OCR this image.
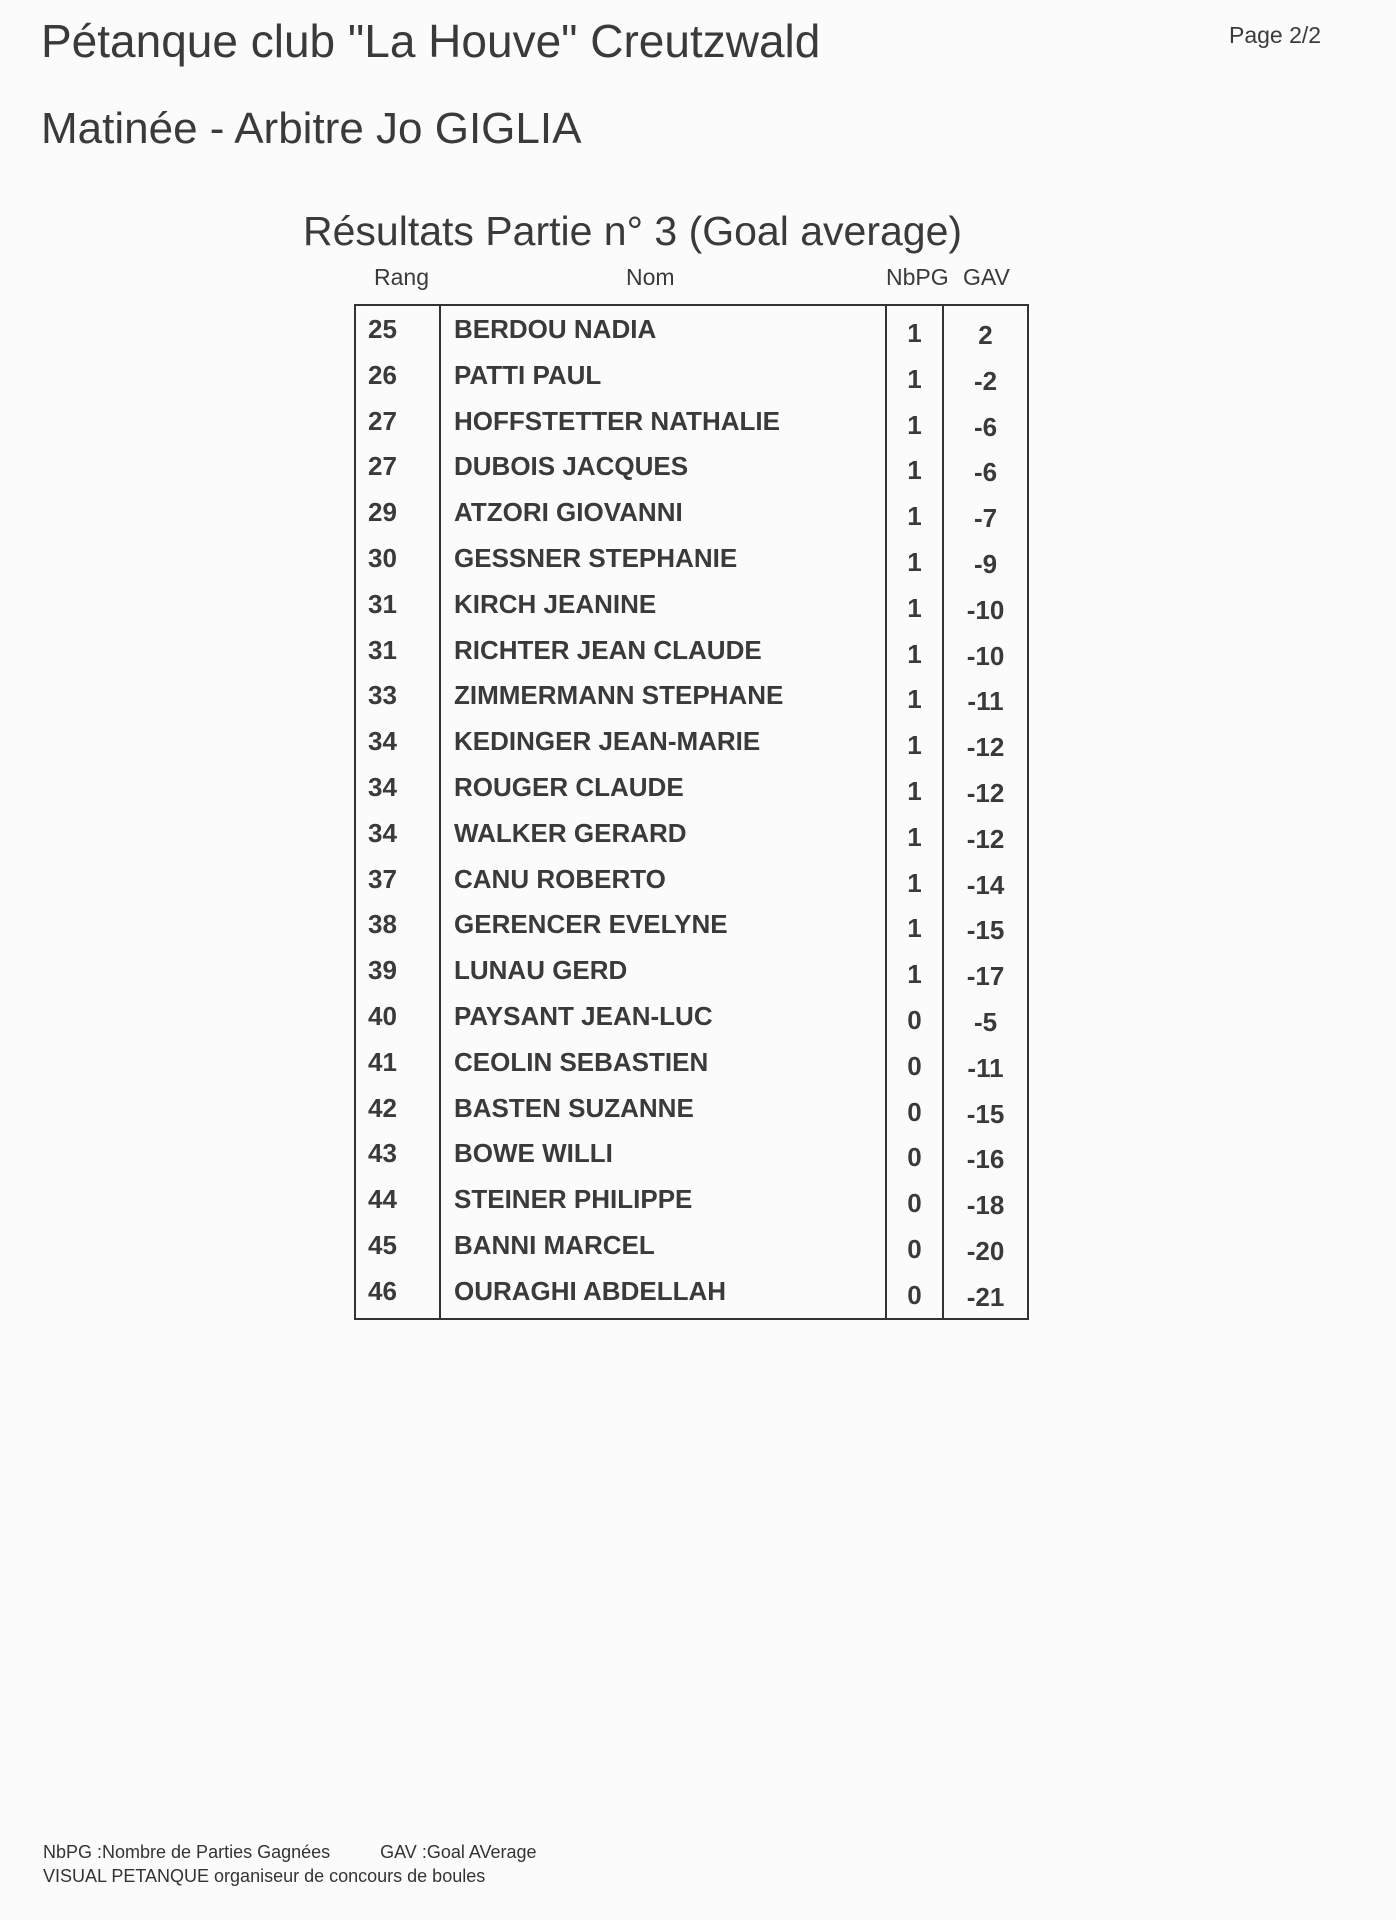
Pétanque club "La Houve" Creutzwald	Page 2/2
Matinée - Arbitre Jo GIGLIA
Résultats Partie n° 3 (Goal average)
Rang	Nom	NbPG GAV
25 BERDOU NADIA	1	2
26 PATTI PAUL	1	-2
27 HOFFSTETTER NATHALIE	1	-6
27 DUBOIS JACQUES	1	-6
29 ATZORI GIOVANNI	1	-7
30 GESSNER STEPHANIE	1	-9
31 KIRCH JEANINE	1	-10
31 RICHTER JEAN CLAUDE	1	-10
33 ZIMMERMANN STEPHANE	1	-11
34 KEDINGER JEAN-MARIE	1	-12
34 ROUGER CLAUDE	1	-12
34 WALKER GERARD	1	-12
37 CANU ROBERTO	1	-14
38 GERENCER EVELYNE	1	-15
39 LUNAU GERD	1	-17
40 PAYSANT JEAN-LUC	0	-5
41 CEOLIN SEBASTIEN	0	-11
42 BASTEN SUZANNE	0	-15
43 BOWE WILLI	0	-16
44 STEINER PHILIPPE	0	-18
45 BANNI MARCEL	0	-20
46 OURAGHI ABDELLAH	0	-21
NbPG :Nombre de Parties Gagnées	GAV :Goal AVerage
VISUAL PETANQUE organiseur de concours de boules
